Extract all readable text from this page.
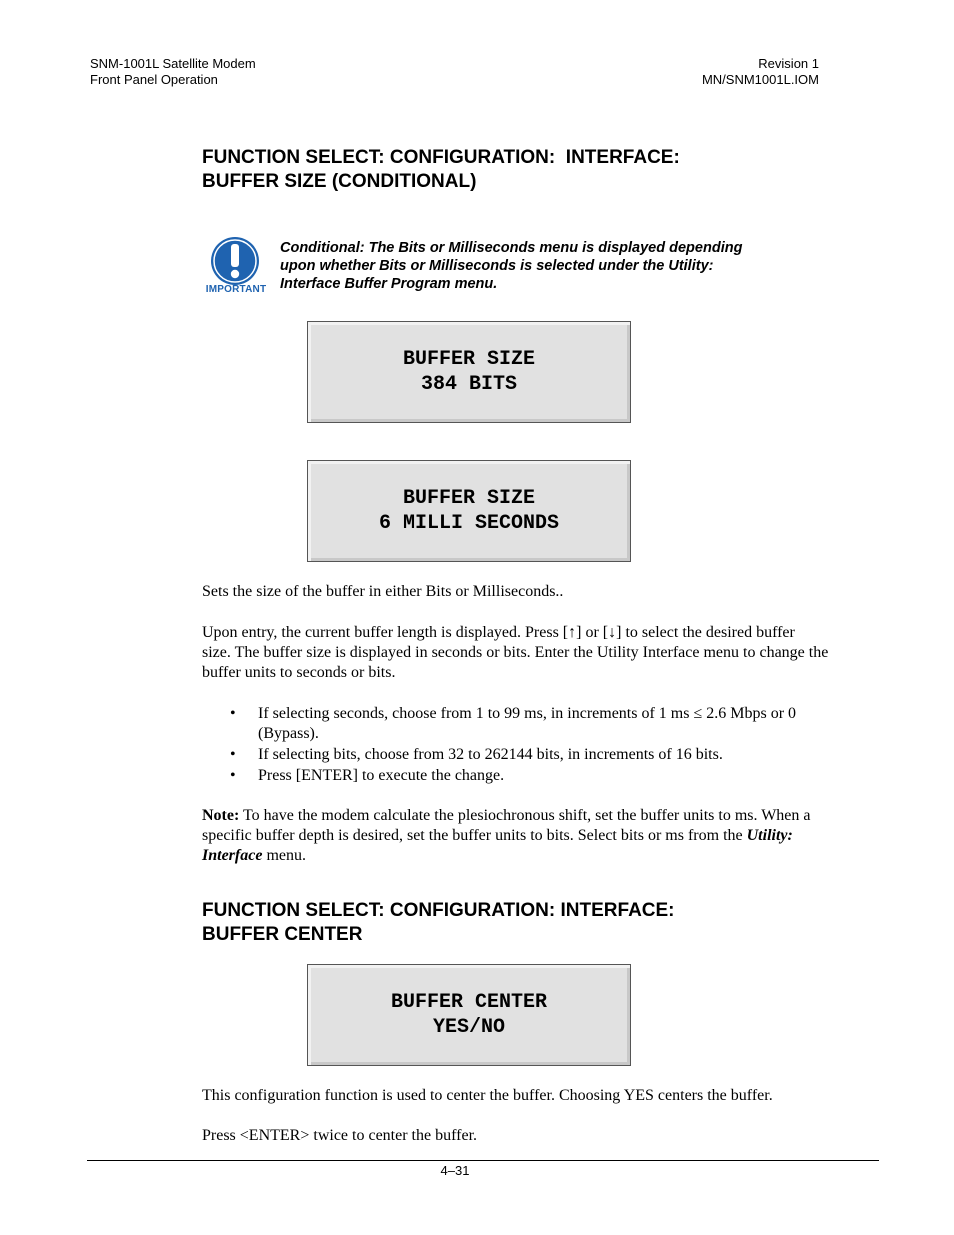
SNM-1001L Satellite Modem
Front Panel Operation
Revision 1
MN/SNM1001L.IOM
FUNCTION SELECT: CONFIGURATION:  INTERFACE:
BUFFER SIZE (CONDITIONAL)
IMPORTANT
Conditional: The Bits or Milliseconds menu is displayed depending
upon whether Bits or Milliseconds is selected under the Utility:
Interface Buffer Program menu.
BUFFER SIZE
384 BITS
BUFFER SIZE
6 MILLI SECONDS

Sets the size of the buffer in either Bits or Milliseconds..

Upon entry, the current buffer length is displayed. Press [↑] or [↓] to select the desired buffer
size. The buffer size is displayed in seconds or bits. Enter the Utility Interface menu to change the
buffer units to seconds or bits.
• If selecting seconds, choose from 1 to 99 ms, in increments of 1 ms ≤ 2.6 Mbps or 0
(Bypass).
• If selecting bits, choose from 32 to 262144 bits, in increments of 16 bits.
• Press [ENTER] to execute the change.
Note: To have the modem calculate the plesiochronous shift, set the buffer units to ms. When a
specific buffer depth is desired, set the buffer units to bits. Select bits or ms from the Utility:
Interface menu.
FUNCTION SELECT: CONFIGURATION: INTERFACE:
BUFFER CENTER
BUFFER CENTER
YES/NO

This configuration function is used to center the buffer. Choosing YES centers the buffer.

Press <ENTER> twice to center the buffer.

4–31
